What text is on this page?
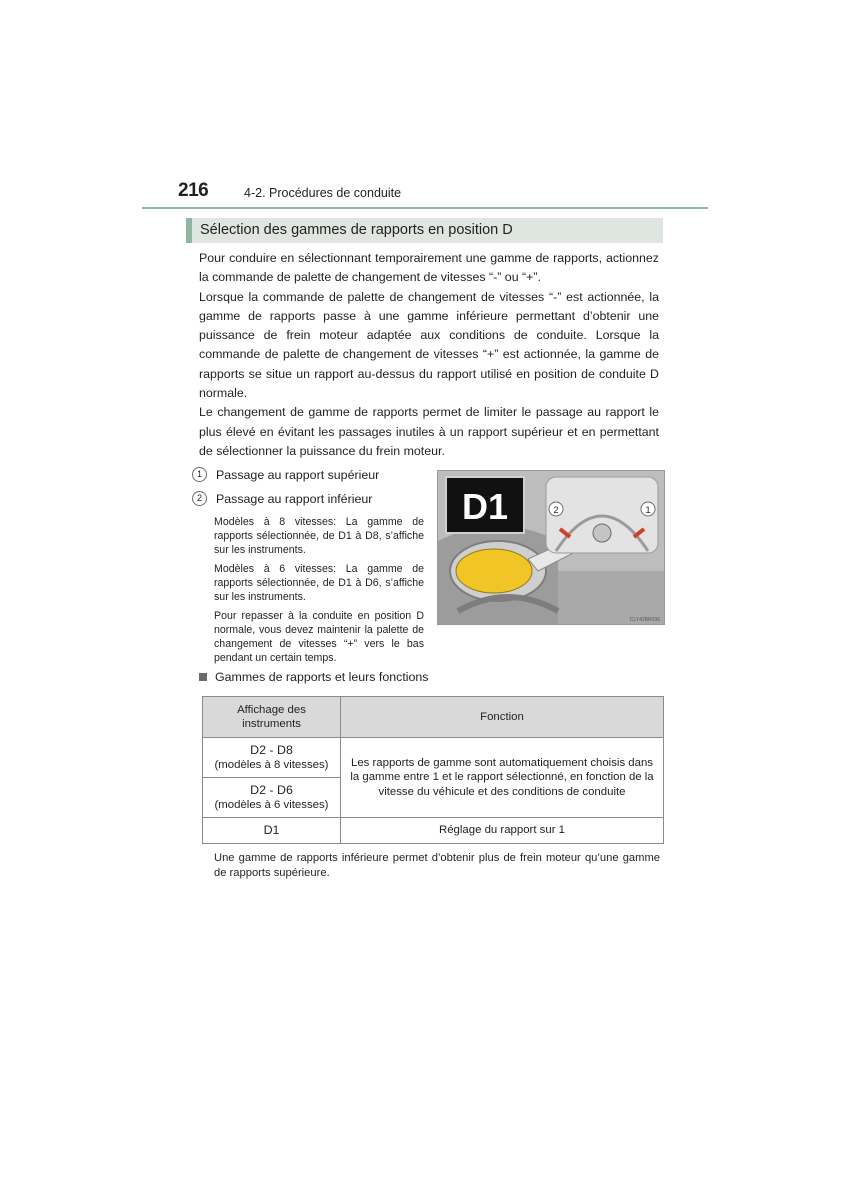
216	4-2. Procédures de conduite
Sélection des gammes de rapports en position D

Pour conduire en sélectionnant temporairement une gamme de rapports, actionnez la commande de palette de changement de vitesses “-” ou “+”.

Lorsque la commande de palette de changement de vitesses “-” est actionnée, la gamme de rapports passe à une gamme inférieure permettant d’obtenir une puissance de frein moteur adaptée aux conditions de conduite. Lorsque la commande de palette de changement de vitesses “+” est actionnée, la gamme de rapports se situe un rapport au-dessus du rapport utilisé en position de conduite D normale.

Le changement de gamme de rapports permet de limiter le passage au rapport le plus élevé en évitant les passages inutiles à un rapport supérieur et en permettant de sélectionner la puissance du frein moteur.

1	Passage au rapport supérieur
2	Passage au rapport inférieur

Modèles à 8 vitesses: La gamme de rapports sélectionnée, de D1 à D8, s’affiche sur les instruments.

Modèles à 6 vitesses: La gamme de rapports sélectionnée, de D1 à D6, s’affiche sur les instruments.

Pour repasser à la conduite en position D normale, vous devez maintenir la palette de changement de vitesses “+” vers le bas pendant un certain temps.

D1	2	1
CLY42BR036
Gammes de rapports et leurs fonctions
Affichage des instruments	Fonction

D2 - D8
(modèles à 8 vitesses)	Les rapports de gamme sont automatiquement choisis dans la gamme entre 1 et le rapport sélectionné, en fonction de la vitesse du véhicule et des conditions de conduite

D2 - D6
(modèles à 6 vitesses)	

D1	Réglage du rapport sur 1
Une gamme de rapports inférieure permet d’obtenir plus de frein moteur qu’une gamme de rapports supérieure.
